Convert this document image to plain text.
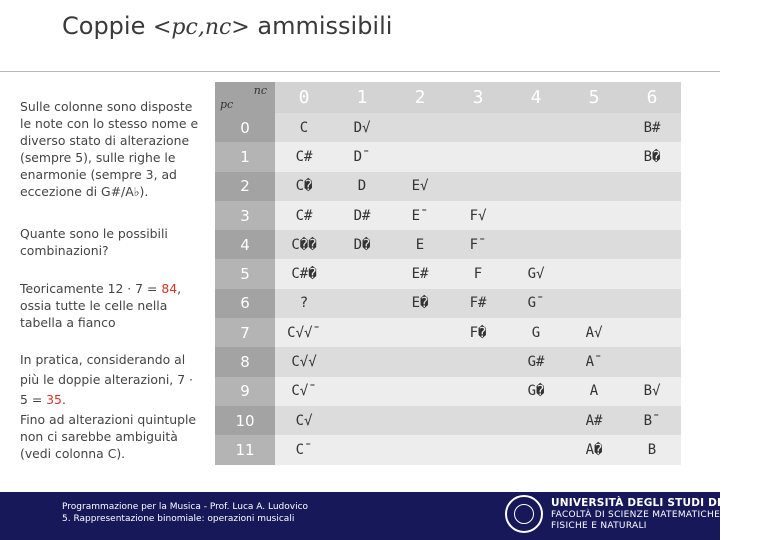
Coppie <pc,nc> ammissibili
Sulle colonne sono disposte le note con lo stesso nome e diverso stato di alterazione (sempre 5), sulle righe le enarmonie (sempre 3, ad eccezione di G#/A♭).
Quante sono le possibili combinazioni?
Teoricamente 12 · 7 = 84, ossia tutte le celle nella tabella a fianco
In pratica, considerando al più le doppie alterazioni, 7 · 5 = 35.
Fino ad alterazioni quintuple non ci sarebbe ambiguità (vedi colonna C).
nc
pc	0	1	2	3	4	5	6
0	C	D√					B#
1	C#	D¯					B�
2	C�	D	E√				
3	C#	D#	E¯	F√			
4	C��	D�	E	F¯			
5	C#�		E#	F	G√		
6	?		E�	F#	G¯		
7	C√√¯			F�	G	A√	
8	C√√				G#	A¯	
9	C√¯				G�	A	B√
10	C√					A#	B¯
11	C¯					A�	B
Programmazione per la Musica - Prof. Luca A. Ludovico
5. Rappresentazione binomiale: operazioni musicali
UNIVERSITÀ DEGLI STUDI DI MILANO
FACOLTÀ DI SCIENZE MATEMATICHE,
FISICHE E NATURALI
